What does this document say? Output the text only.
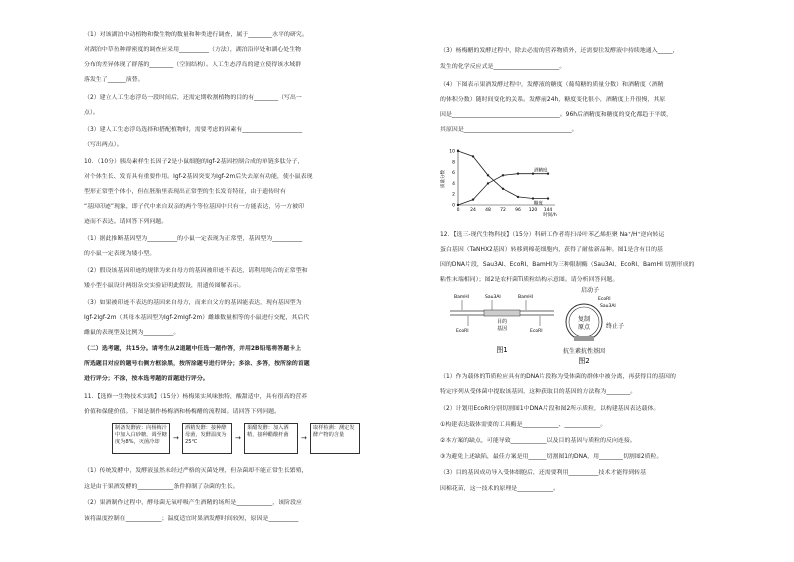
（1）对该湖泊中动植物和微生物的数量和种类进行调查，属于________水平的研究。
对湖泊中草鱼种群密度的调查应采用__________（方法），湖泊沿岸处和湖心处生物
分布的差异体现了群落的________（空间结构）。人工生态浮岛的建立使得该水域群
落发生了______演替。
（2）建立人工生态浮岛一段时间后，还需定期收割植物的目的有________（写出一
点）。
（3）建人工生态浮岛选择和搭配植物时，需要考虑的因素有____________________
（写出两点）。
10．（10分）胰岛素样生长因子2是小鼠细胞的Igf-2基因控制合成的单链多肽分子，
对个体生长、发育具有重要作用。Igf-2基因突变为Igf-2m后失去原有功能，使小鼠表现
型形正常型个体小，但在胚胎里表现出正常型的生长发育特征，由于遗传时有
“基因印迹”现象，即子代中来自双亲的两个等位基因中只有一方能表达，另一方被印
迹而不表达。请回答下列问题。
（1）据此推断基因型为__________的小鼠一定表现为正常型，基因型为__________
的小鼠一定表现为矮小型。
（2）假设该基因印迹的规律为来自母方的基因被印迹不表达，请利用纯合的正常型和
矮小型小鼠设计两组杂交实验证明此假设，用遗传图解表示。
（3）如果被印迹不表达的基因来自母方，而来自父方的基因能表达，现有基因型为
Igf-2Igf-2m（其母本基因型为Igf-2mIgf-2m）雌雄数量相等的小鼠进行交配，其后代
雌鼠的表现型及比例为__________。
（二）选考题，共15分。请考生从2道题中任选一题作答，并用2B铅笔将答题卡上
所选题目对应的题号右侧方框涂黑，按所涂题号进行评分；多涂、多答，按所涂的首题
进行评分；不涂，按本选考题的首题进行评分。
11．【选修一生物技术实践】（15分）杨梅果实风味独特，酸甜适中，具有很高的营养
价值和保健价值。下图是制作杨梅酒和杨梅醋的流程图。请回答下列问题。
制备发酵液：向杨梅汁中加入白砂糖，调至糖度为8%，灭菌冷却	→
酒精发酵：接种酵母菌，发酵温度为25℃	→
果醋发酵：加入酒精，接种醋酸杆菌	→
取样检测：测定发酵产物的含量
（1）传统发酵中，发酵液虽然未经过严格的灭菌处理，但杂菌却不能正常生长繁殖，
这是由于果酒发酵的____________条件抑制了杂菌的生长。
（2）果酒制作过程中，酵母菌无氧呼吸产生酒精的场所是____________，该阶段应
该将温度控制在____________；温度适宜时果酒发酵时间较短，原因是__________
（3）杨梅醋的发酵过程中，除去必需的营养物质外，还需要往发酵液中持续地通入_____，
发生的化学反应式是______________________。
（4）下图表示果酒发酵过程中，发酵液的糖度（葡萄糖的质量分数）和酒精度（酒精
的体积分数）随时间变化的关系。发酵前24h，糖度变化很小，酒精度上升很慢，其原
因是____________________________________。96h后酒精度和糖度的变化都趋于平缓，
其原因是____________________________________。
质量分数
0
2
4
6
8
10
0 24 48 72 96 120 144
酒精度
糖度
时间/h
12．【选三-现代生物科技】（15分）科研工作者将扫帚叶苯乙烯拒聚 Na⁺/H⁺逆向转运
蛋白基因（TaNHX2基因）转移到棉花细胞内，获得了耐盐新品种。图1是含有目的基
因的DNA片段，Sau3AI、EcoRI、BamHI为三种限制酶（Sau3AI、EcoRI、BamHI 切割形成的
粘性末端相同）；图2是农杆菌Ti质粒结构示意图。请分析回答问题。
BamHI	Sau3AI	BamHI
EcoRI	EcoRI
目的
基因
图1
启动子
EcoRI
Sau3AI
复制
原点	终止子
抗生素抗性基因
图2
（1）作为载体的Ti质粒应具有的DNA片段称为受体菌的群体中被分离，再获得目的基因的
特定序列从受体菌中提取该基因，这种获取目的基因的方法称为________。
（2）计划用EcoRI分别切割图1中DNA片段和图2所示质粒，以构建基因表达载体。
①构建表达载体需要的工具酶是____________、____________。
②本方案的缺点，可能导致____________以及目的基因与质粒的反向连接。
③为避免上述缺陷，最佳方案是用______切割图1的DNA，用________切割图2质粒。
（3）目的基因成功导入受体细胞后，还需要利用__________技术才能得到转基
因棉花苗，这一技术的原理是____________。
